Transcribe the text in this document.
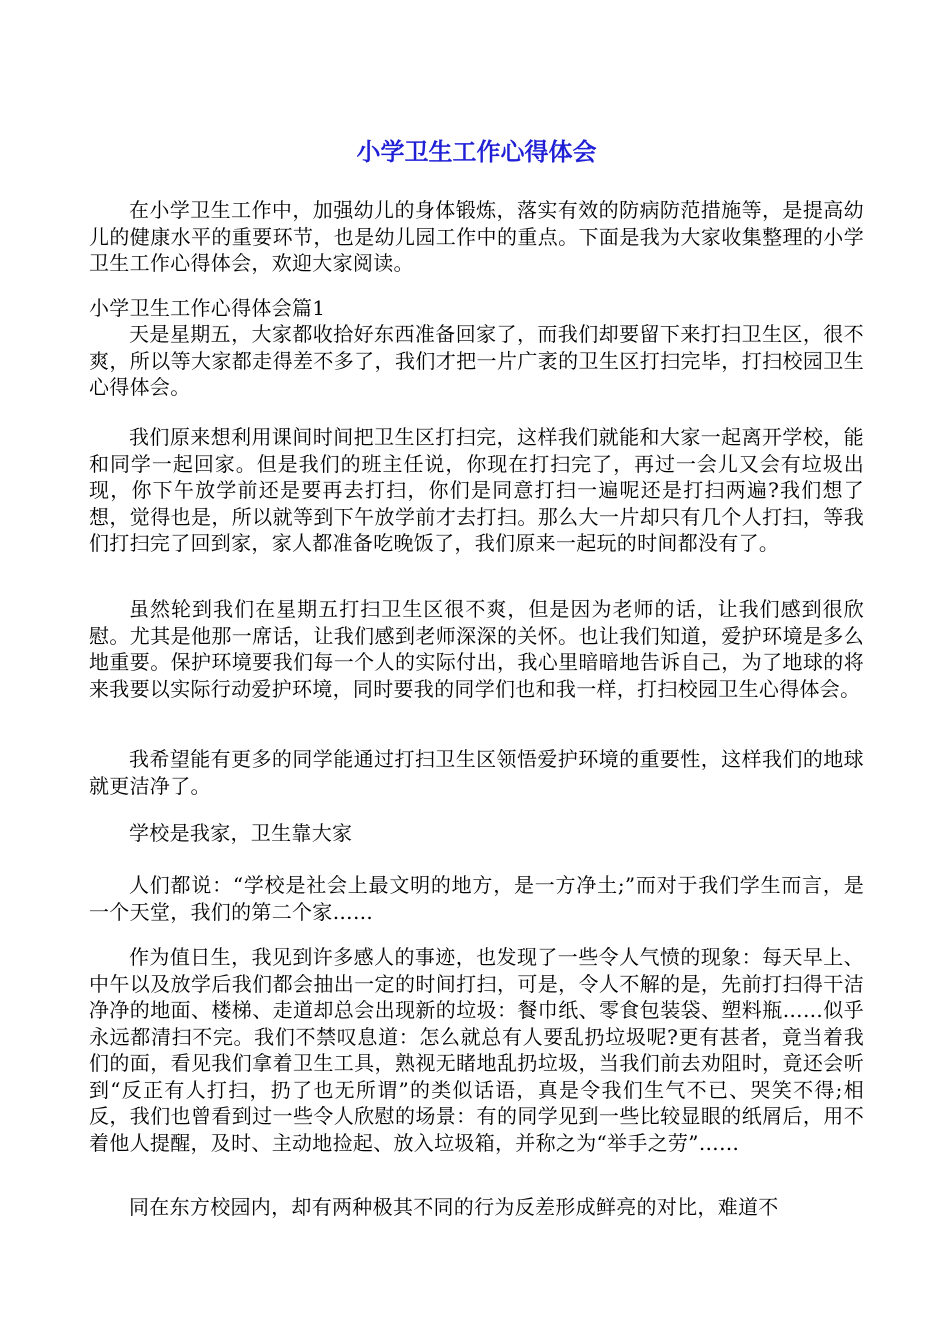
小学卫生工作心得体会

在小学卫生工作中，加强幼儿的身体锻炼，落实有效的防病防范措施等，是提高幼儿的健康水平的重要环节，也是幼儿园工作中的重点。下面是我为大家收集整理的小学卫生工作心得体会，欢迎大家阅读。

小学卫生工作心得体会篇1

天是星期五，大家都收拾好东西准备回家了，而我们却要留下来打扫卫生区，很不爽，所以等大家都走得差不多了，我们才把一片广袤的卫生区打扫完毕，打扫校园卫生心得体会。

我们原来想利用课间时间把卫生区打扫完，这样我们就能和大家一起离开学校，能和同学一起回家。但是我们的班主任说，你现在打扫完了，再过一会儿又会有垃圾出现，你下午放学前还是要再去打扫，你们是同意打扫一遍呢还是打扫两遍?我们想了想，觉得也是，所以就等到下午放学前才去打扫。那么大一片却只有几个人打扫，等我们打扫完了回到家，家人都准备吃晚饭了，我们原来一起玩的时间都没有了。

虽然轮到我们在星期五打扫卫生区很不爽，但是因为老师的话，让我们感到很欣慰。尤其是他那一席话，让我们感到老师深深的关怀。也让我们知道，爱护环境是多么地重要。保护环境要我们每一个人的实际付出，我心里暗暗地告诉自己，为了地球的将来我要以实际行动爱护环境，同时要我的同学们也和我一样，打扫校园卫生心得体会。

我希望能有更多的同学能通过打扫卫生区领悟爱护环境的重要性，这样我们的地球就更洁净了。

学校是我家，卫生靠大家

人们都说：“学校是社会上最文明的地方，是一方净土;”而对于我们学生而言，是一个天堂，我们的第二个家……

作为值日生，我见到许多感人的事迹，也发现了一些令人气愤的现象：每天早上、中午以及放学后我们都会抽出一定的时间打扫，可是，令人不解的是，先前打扫得干洁净净的地面、楼梯、走道却总会出现新的垃圾：餐巾纸、零食包装袋、塑料瓶……似乎永远都清扫不完。我们不禁叹息道：怎么就总有人要乱扔垃圾呢?更有甚者，竟当着我们的面，看见我们拿着卫生工具，熟视无睹地乱扔垃圾，当我们前去劝阻时，竟还会听到“反正有人打扫，扔了也无所谓”的类似话语，真是令我们生气不已、哭笑不得;相反，我们也曾看到过一些令人欣慰的场景：有的同学见到一些比较显眼的纸屑后，用不着他人提醒，及时、主动地捡起、放入垃圾箱，并称之为“举手之劳”……

同在东方校园内，却有两种极其不同的行为反差形成鲜亮的对比，难道不
